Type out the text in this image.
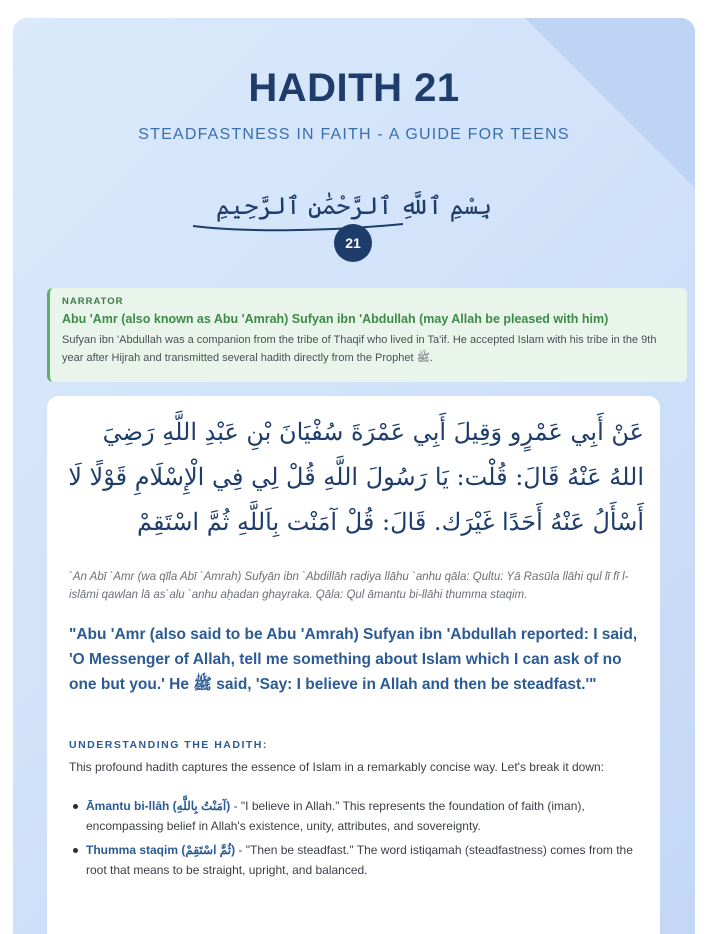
HADITH 21
STEADFASTNESS IN FAITH - A GUIDE FOR TEENS
بِسْمِ ٱللَّهِ ٱلرَّحْمَٰنِ ٱلرَّحِيمِ
21
NARRATOR
Abu 'Amr (also known as Abu 'Amrah) Sufyan ibn 'Abdullah (may Allah be pleased with him)
Sufyan ibn 'Abdullah was a companion from the tribe of Thaqif who lived in Ta'if. He accepted Islam with his tribe in the 9th year after Hijrah and transmitted several hadith directly from the Prophet ﷺ.
عَنْ أَبِي عَمْرٍو وَقِيلَ أَبِي عَمْرَةَ سُفْيَانَ بْنِ عَبْدِ اللَّهِ رَضِيَ اللهُ عَنْهُ قَالَ: قُلْت: يَا رَسُولَ اللَّهِ قُلْ لِي فِي الْإِسْلَامِ قَوْلًا لَا أَسْأَلُ عَنْهُ أَحَدًا غَيْرَك. قَالَ: قُلْ آمَنْت بِاَللَّهِ ثُمَّ اسْتَقِمْ
`An Abī `Amr (wa qīla Abī `Amrah) Sufyān ibn `Abdillāh raḍiya llāhu `anhu qāla: Qultu: Yā Rasūla llāhi qul lī fī l-islāmi qawlan lā as`alu `anhu aḥadan ghayraka. Qāla: Qul āmantu bi-llāhi thumma staqim.
"Abu 'Amr (also said to be Abu 'Amrah) Sufyan ibn 'Abdullah reported: I said, 'O Messenger of Allah, tell me something about Islam which I can ask of no one but you.' He ﷺ said, 'Say: I believe in Allah and then be steadfast.'"
UNDERSTANDING THE HADITH:
This profound hadith captures the essence of Islam in a remarkably concise way. Let's break it down:
Āmantu bi-llāh (آمَنْتُ بِاللَّهِ) - "I believe in Allah." This represents the foundation of faith (iman), encompassing belief in Allah's existence, unity, attributes, and sovereignty.
Thumma staqim (ثُمَّ اسْتَقِمْ) - "Then be steadfast." The word istiqamah (steadfastness) comes from the root that means to be straight, upright, and balanced.
